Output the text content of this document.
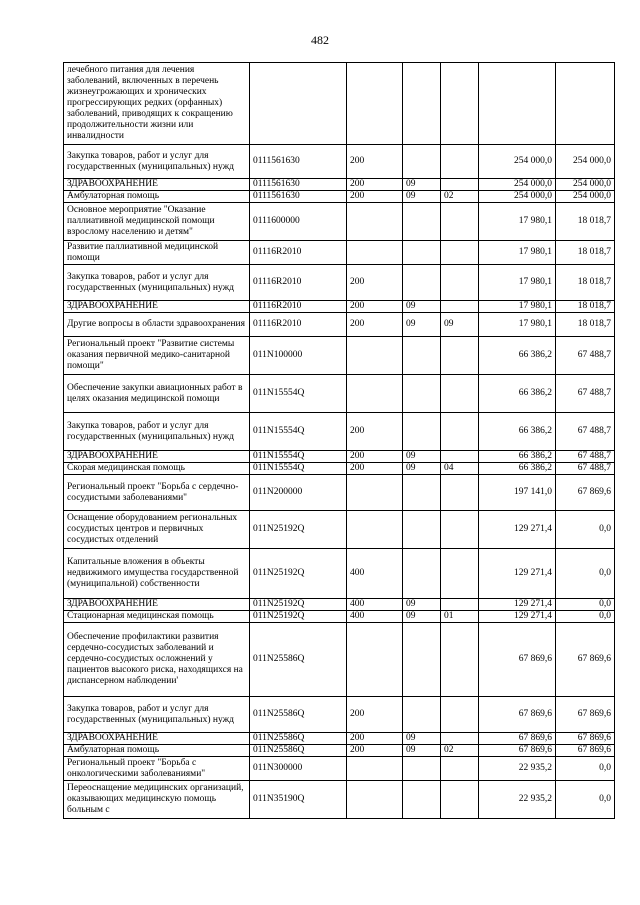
482
лечебного питания для лечения заболеваний, включенных в перечень жизнеугрожающих и хронических прогрессирующих редких (орфанных) заболеваний, приводящих к сокращению продолжительности жизни или инвалидности						
Закупка товаров, работ и услуг для государственных (муниципальных) нужд	0111561630	200			254 000,0	254 000,0
ЗДРАВООХРАНЕНИЕ	0111561630	200	09		254 000,0	254 000,0
Амбулаторная помощь	0111561630	200	09	02	254 000,0	254 000,0
Основное мероприятие "Оказание паллиативной медицинской помощи взрослому населению и детям"	0111600000				17 980,1	18 018,7
Развитие паллиативной медицинской помощи	01116R2010				17 980,1	18 018,7
Закупка товаров, работ и услуг для государственных (муниципальных) нужд	01116R2010	200			17 980,1	18 018,7
ЗДРАВООХРАНЕНИЕ	01116R2010	200	09		17 980,1	18 018,7
Другие вопросы в области здравоохранения	01116R2010	200	09	09	17 980,1	18 018,7
Региональный проект "Развитие системы оказания первичной медико-санитарной помощи"	011N100000				66 386,2	67 488,7
Обеспечение закупки авиационных работ в целях оказания медицинской помощи	011N15554Q				66 386,2	67 488,7
Закупка товаров, работ и услуг для государственных (муниципальных) нужд	011N15554Q	200			66 386,2	67 488,7
ЗДРАВООХРАНЕНИЕ	011N15554Q	200	09		66 386,2	67 488,7
Скорая медицинская помощь	011N15554Q	200	09	04	66 386,2	67 488,7
Региональный проект "Борьба с сердечно-сосудистыми заболеваниями"	011N200000				197 141,0	67 869,6
Оснащение оборудованием региональных сосудистых центров и первичных сосудистых отделений	011N25192Q				129 271,4	0,0
Капитальные вложения в объекты недвижимого имущества государственной (муниципальной) собственности	011N25192Q	400			129 271,4	0,0
ЗДРАВООХРАНЕНИЕ	011N25192Q	400	09		129 271,4	0,0
Стационарная медицинская помощь	011N25192Q	400	09	01	129 271,4	0,0
Обеспечение профилактики развития сердечно-сосудистых заболеваний и сердечно-сосудистых осложнений у пациентов высокого риска, находящихся на диспансерном наблюдении'	011N25586Q				67 869,6	67 869,6
Закупка товаров, работ и услуг для государственных (муниципальных) нужд	011N25586Q	200			67 869,6	67 869,6
ЗДРАВООХРАНЕНИЕ	011N25586Q	200	09		67 869,6	67 869,6
Амбулаторная помощь	011N25586Q	200	09	02	67 869,6	67 869,6
Региональный проект "Борьба с онкологическими заболеваниями"	011N300000				22 935,2	0,0
Переоснащение медицинских организаций, оказывающих медицинскую помощь больным с	011N35190Q				22 935,2	0,0
